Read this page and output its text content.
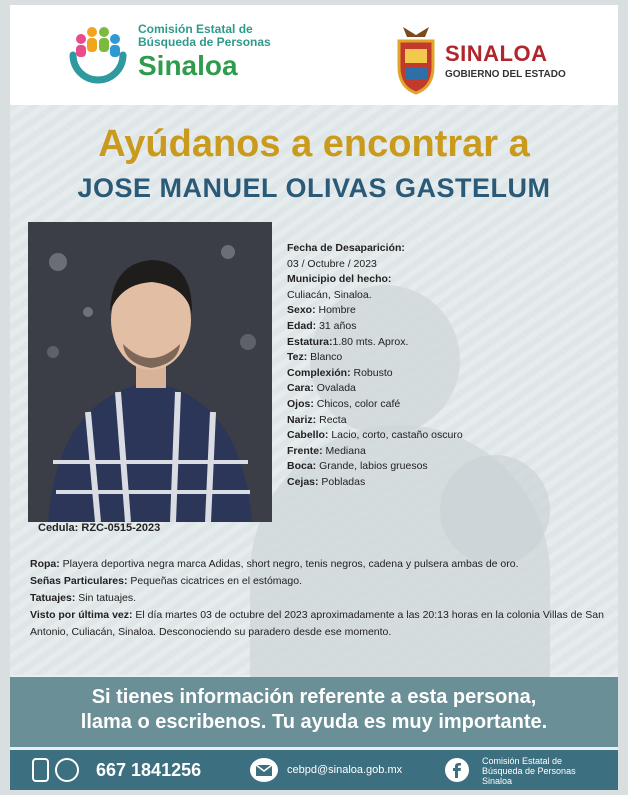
Comisión Estatal de
Búsqueda de Personas
Sinaloa	SINALOA
GOBIERNO DEL ESTADO
Ayúdanos a encontrar a
JOSE MANUEL OLIVAS GASTELUM
Cedula: RZC-0515-2023
Fecha de Desaparición:
03 / Octubre / 2023
Municipio del hecho:
Culiacán, Sinaloa.
Sexo: Hombre
Edad: 31 años
Estatura:1.80 mts. Aprox.
Tez: Blanco
Complexión: Robusto
Cara: Ovalada
Ojos: Chicos, color café
Nariz: Recta
Cabello: Lacio, corto, castaño oscuro
Frente: Mediana
Boca: Grande, labios gruesos
Cejas: Pobladas
Ropa: Playera deportiva negra marca Adidas, short negro, tenis negros, cadena y pulsera ambas de oro.
Señas Particulares: Pequeñas cicatrices en el estómago.
Tatuajes: Sin tatuajes.
Visto por última vez: El día martes 03 de octubre del 2023 aproximadamente a las 20:13 horas en la colonia Villas de San Antonio, Culiacán, Sinaloa. Desconociendo su paradero desde ese momento.
Si tienes información referente a esta persona,
llama o escribenos. Tu ayuda es muy importante.
667 1841256	cebpd@sinaloa.gob.mx
Comisión Estatal de
Búsqueda de Personas
Sinaloa
